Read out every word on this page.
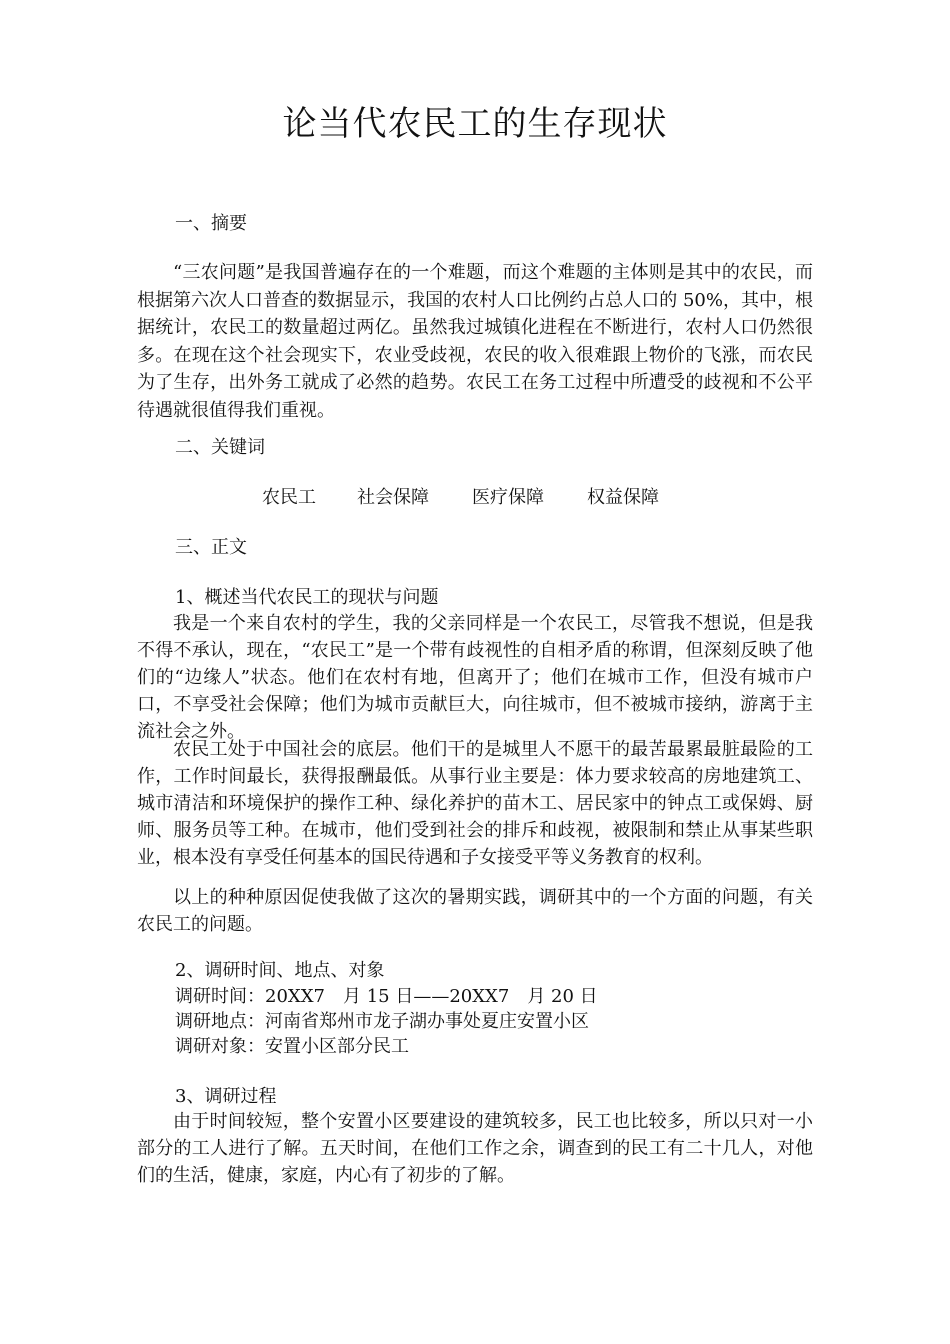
论当代农民工的生存现状
一、摘要
“三农问题”是我国普遍存在的一个难题，而这个难题的主体则是其中的农民，而根据第六次人口普查的数据显示，我国的农村人口比例约占总人口的 50%，其中，根据统计，农民工的数量超过两亿。虽然我过城镇化进程在不断进行，农村人口仍然很多。在现在这个社会现实下，农业受歧视，农民的收入很难跟上物价的飞涨，而农民为了生存，出外务工就成了必然的趋势。农民工在务工过程中所遭受的歧视和不公平待遇就很值得我们重视。
二、关键词
农民工 社会保障 医疗保障 权益保障
三、正文
1、概述当代农民工的现状与问题
我是一个来自农村的学生，我的父亲同样是一个农民工，尽管我不想说，但是我不得不承认，现在，“农民工”是一个带有歧视性的自相矛盾的称谓，但深刻反映了他们的“边缘人”状态。他们在农村有地，但离开了；他们在城市工作，但没有城市户口，不享受社会保障；他们为城市贡献巨大，向往城市，但不被城市接纳，游离于主流社会之外。
农民工处于中国社会的底层。他们干的是城里人不愿干的最苦最累最脏最险的工作，工作时间最长，获得报酬最低。从事行业主要是：体力要求较高的房地建筑工、城市清洁和环境保护的操作工种、绿化养护的苗木工、居民家中的钟点工或保姆、厨师、服务员等工种。在城市，他们受到社会的排斥和歧视，被限制和禁止从事某些职业，根本没有享受任何基本的国民待遇和子女接受平等义务教育的权利。
以上的种种原因促使我做了这次的暑期实践，调研其中的一个方面的问题，有关农民工的问题。
2、调研时间、地点、对象
调研时间：20XX7　月 15 日——20XX7　月 20 日
调研地点：河南省郑州市龙子湖办事处夏庄安置小区
调研对象：安置小区部分民工
3、调研过程
由于时间较短，整个安置小区要建设的建筑较多，民工也比较多，所以只对一小部分的工人进行了解。五天时间，在他们工作之余，调查到的民工有二十几人，对他们的生活，健康，家庭，内心有了初步的了解。
